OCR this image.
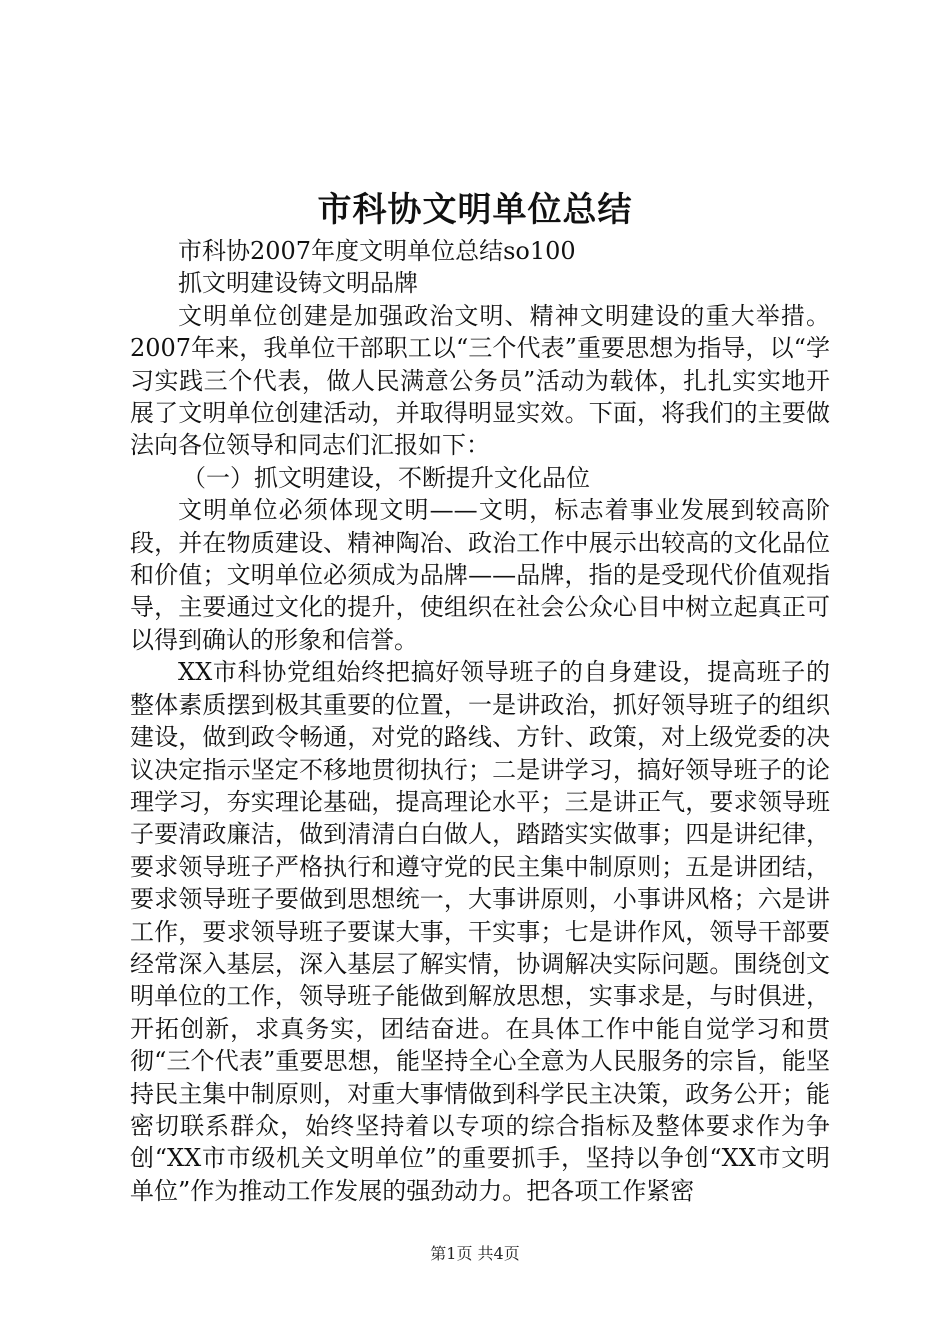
市科协文明单位总结

市科协2007年度文明单位总结so100

抓文明建设铸文明品牌

文明单位创建是加强政治文明、精神文明建设的重大举措。2007年来，我单位干部职工以“三个代表”重要思想为指导，以“学习实践三个代表，做人民满意公务员”活动为载体，扎扎实实地开展了文明单位创建活动，并取得明显实效。下面，将我们的主要做法向各位领导和同志们汇报如下：

（一）抓文明建设，不断提升文化品位

文明单位必须体现文明——文明，标志着事业发展到较高阶段，并在物质建设、精神陶冶、政治工作中展示出较高的文化品位和价值；文明单位必须成为品牌——品牌，指的是受现代价值观指导，主要通过文化的提升，使组织在社会公众心目中树立起真正可以得到确认的形象和信誉。

XX市科协党组始终把搞好领导班子的自身建设，提高班子的整体素质摆到极其重要的位置，一是讲政治，抓好领导班子的组织建设，做到政令畅通，对党的路线、方针、政策，对上级党委的决议决定指示坚定不移地贯彻执行；二是讲学习，搞好领导班子的论理学习，夯实理论基础，提高理论水平；三是讲正气，要求领导班子要清政廉洁，做到清清白白做人，踏踏实实做事；四是讲纪律，要求领导班子严格执行和遵守党的民主集中制原则；五是讲团结，要求领导班子要做到思想统一，大事讲原则，小事讲风格；六是讲工作，要求领导班子要谋大事，干实事；七是讲作风，领导干部要经常深入基层，深入基层了解实情，协调解决实际问题。围绕创文明单位的工作，领导班子能做到解放思想，实事求是，与时俱进，开拓创新，求真务实，团结奋进。在具体工作中能自觉学习和贯彻“三个代表”重要思想，能坚持全心全意为人民服务的宗旨，能坚持民主集中制原则，对重大事情做到科学民主决策，政务公开；能密切联系群众，始终坚持着以专项的综合指标及整体要求作为争创“XX市市级机关文明单位”的重要抓手，坚持以争创“XX市文明单位”作为推动工作发展的强劲动力。把各项工作紧密

第1页 共4页
